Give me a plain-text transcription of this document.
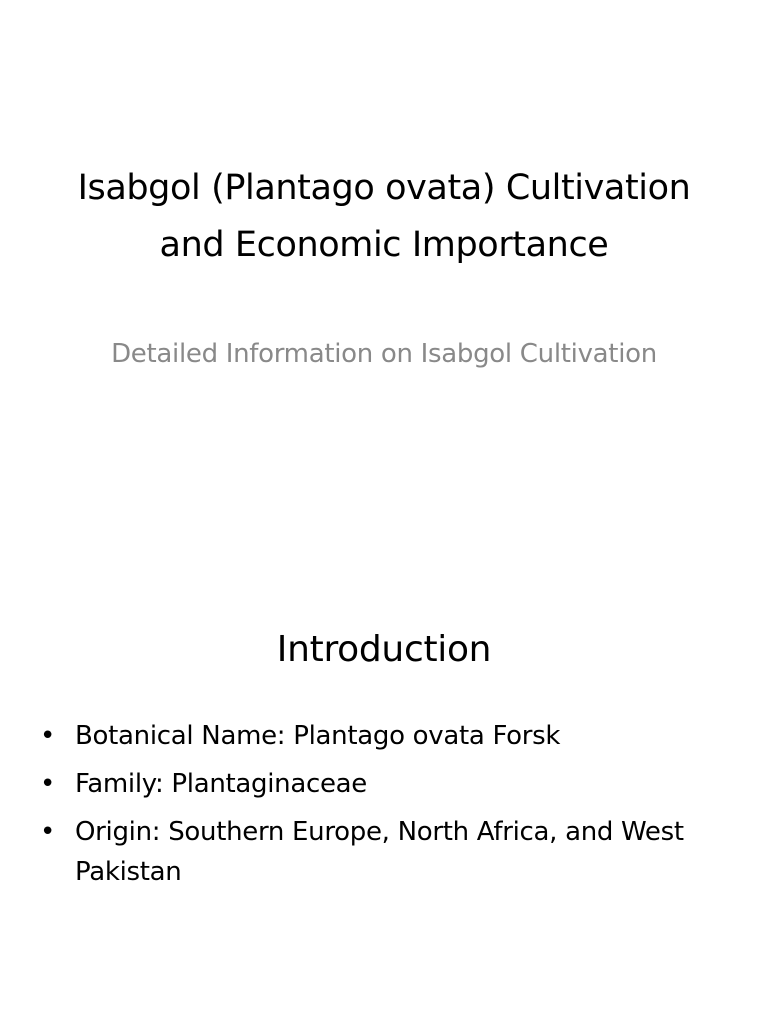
Isabgol (Plantago ovata) Cultivation and Economic Importance

Detailed Information on Isabgol Cultivation

Introduction
• Botanical Name: Plantago ovata Forsk
• Family: Plantaginaceae
• Origin: Southern Europe, North Africa, and West Pakistan
